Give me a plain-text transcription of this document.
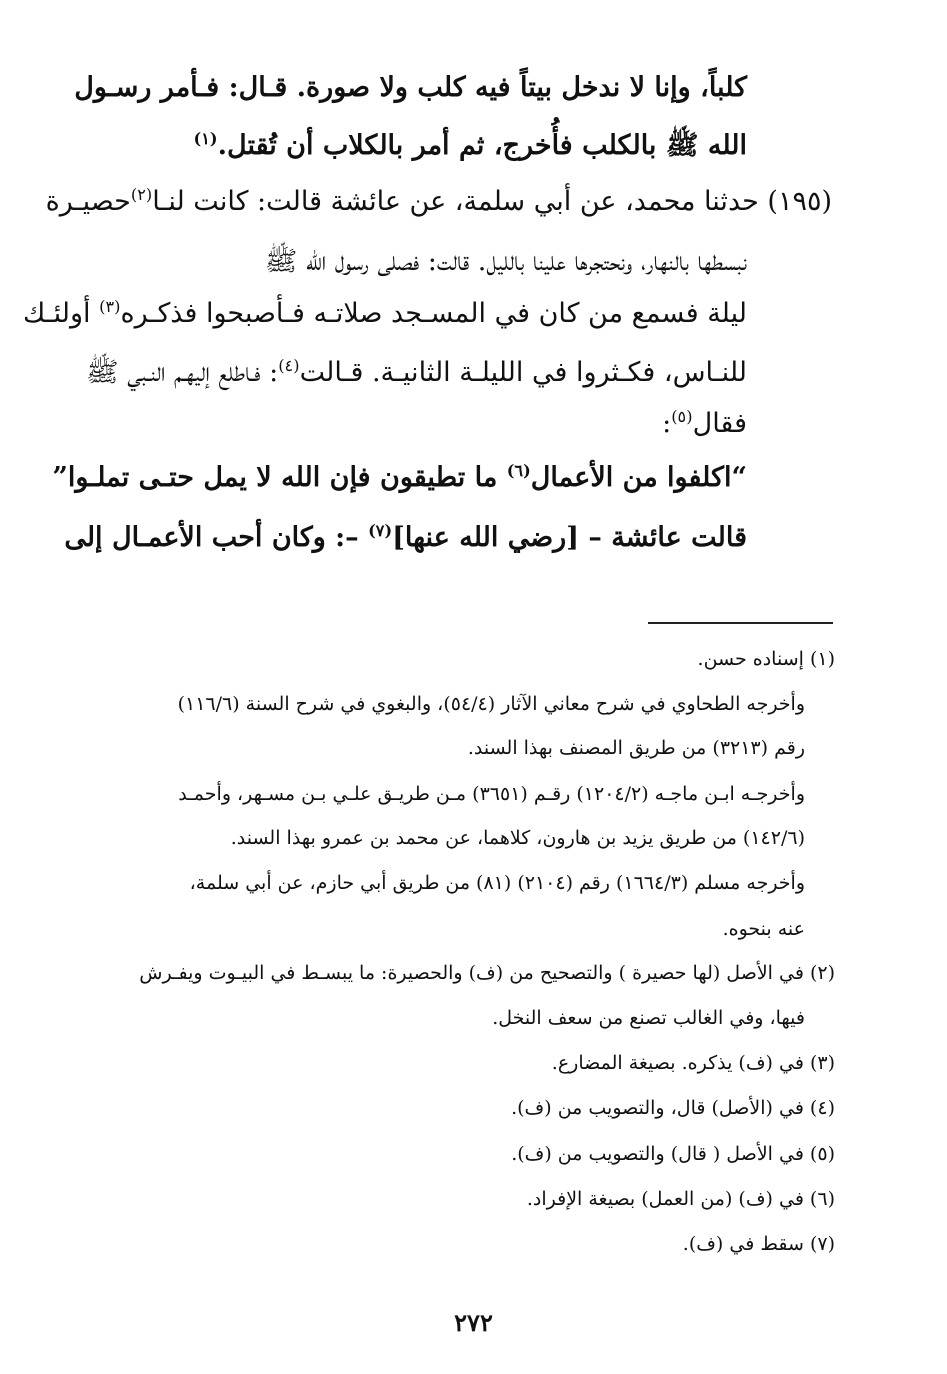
كلباً، وإنا لا ندخل بيتاً فيه كلب ولا صورة. قـال: فـأمر رسـول
الله ﷺ بالكلب فأُخرج، ثم أمر بالكلاب أن تُقتل.$^{(١)}$
(١٩٥) حدثنا محمد، عن أبي سلمة، عن عائشة قالت: كانت لنـا$^{(٢)}$حصيـرة
نبسطها بالنهار، ونحتجرها علينا بالليل. قالت: فصلى رسول الله ﷺ
ليلة فسمع من كان في المسـجد صلاتـه فـأصبحوا فذكـره$^{(٣)}$ أولئـك
للنـاس، فكـثروا في الليلـة الثانيـة. قـالت$^{(٤)}$: فـاطلع إليهـم النـبي ﷺ
فقال$^{(٥)}$:
“اكلفوا من الأعمال$^{(٦)}$ ما تطيقون فإن الله لا يمل حتـى تملـوا”
قالت عائشة – [رضي الله عنها]$^{(٧)}$ –: وكان أحب الأعمـال إلى
(١) إسناده حسن.
وأخرجه الطحاوي في شرح معاني الآثار (٥٤/٤)، والبغوي في شرح السنة (١١٦/٦)
رقم (٣٢١٣) من طريق المصنف بهذا السند.
وأخرجـه ابـن ماجـه (١٢٠٤/٢) رقـم (٣٦٥١) مـن طريـق علـي بـن مسـهر، وأحمـد
(١٤٢/٦) من طريق يزيد بن هارون، كلاهما، عن محمد بن عمرو بهذا السند.
وأخرجه مسلم (١٦٦٤/٣) رقم (٢١٠٤) (٨١) من طريق أبي حازم، عن أبي سلمة،
عنه بنحوه.
(٢) في الأصل (لها حصيرة ) والتصحيح من (ف) والحصيرة: ما يبسـط في البيـوت ويفـرش
فيها، وفي الغالب تصنع من سعف النخل.
(٣) في (ف) يذكره. بصيغة المضارع.
(٤) في (الأصل) قال، والتصويب من (ف).
(٥) في الأصل ( قال) والتصويب من (ف).
(٦) في (ف) (من العمل) بصيغة الإفراد.
(٧) سقط في (ف).
٢٧٢
